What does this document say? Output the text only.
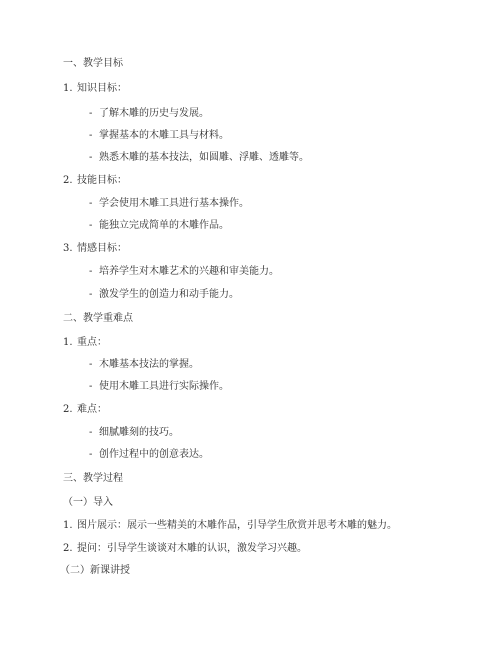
一、教学目标
1. 知识目标：
- 了解木雕的历史与发展。
- 掌握基本的木雕工具与材料。
- 熟悉木雕的基本技法，如圆雕、浮雕、透雕等。
2. 技能目标：
- 学会使用木雕工具进行基本操作。
- 能独立完成简单的木雕作品。
3. 情感目标：
- 培养学生对木雕艺术的兴趣和审美能力。
- 激发学生的创造力和动手能力。
二、教学重难点
1. 重点：
- 木雕基本技法的掌握。
- 使用木雕工具进行实际操作。
2. 难点：
- 细腻雕刻的技巧。
- 创作过程中的创意表达。
三、教学过程
（一）导入
1. 图片展示：展示一些精美的木雕作品，引导学生欣赏并思考木雕的魅力。
2. 提问：引导学生谈谈对木雕的认识，激发学习兴趣。
（二）新课讲授
